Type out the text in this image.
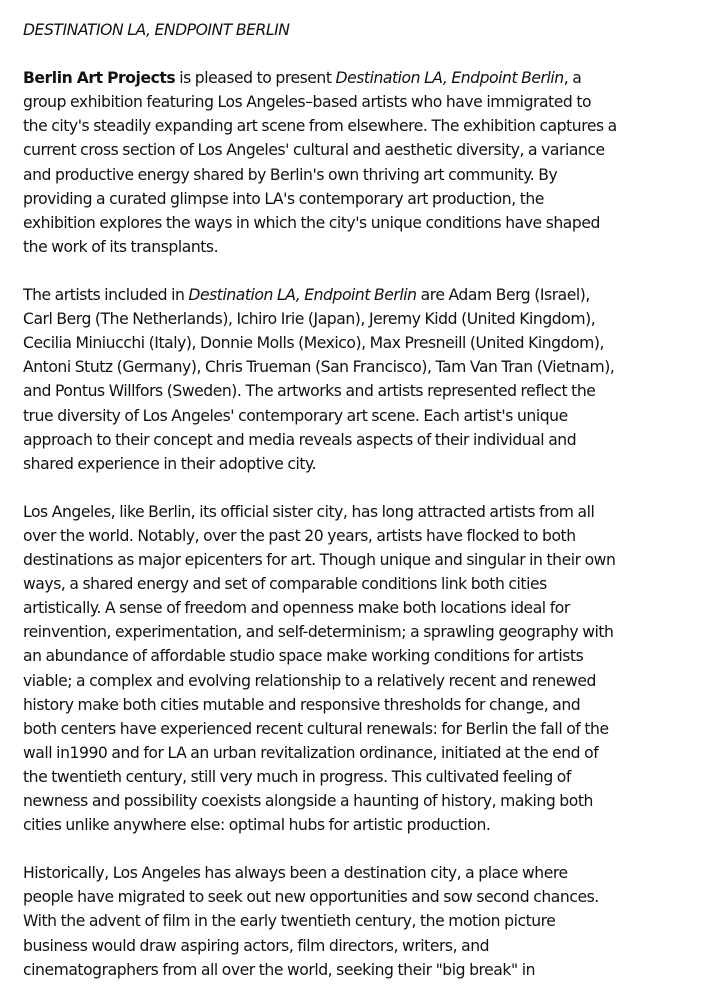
DESTINATION LA, ENDPOINT BERLIN

Berlin Art Projects is pleased to present Destination LA, Endpoint Berlin, a
group exhibition featuring Los Angeles–based artists who have immigrated to
the city's steadily expanding art scene from elsewhere. The exhibition captures a
current cross section of Los Angeles' cultural and aesthetic diversity, a variance
and productive energy shared by Berlin's own thriving art community. By
providing a curated glimpse into LA's contemporary art production, the
exhibition explores the ways in which the city's unique conditions have shaped
the work of its transplants.

The artists included in Destination LA, Endpoint Berlin are Adam Berg (Israel),
Carl Berg (The Netherlands), Ichiro Irie (Japan), Jeremy Kidd (United Kingdom),
Cecilia Miniucchi (Italy), Donnie Molls (Mexico), Max Presneill (United Kingdom),
Antoni Stutz (Germany), Chris Trueman (San Francisco), Tam Van Tran (Vietnam),
and Pontus Willfors (Sweden). The artworks and artists represented reflect the
true diversity of Los Angeles' contemporary art scene. Each artist's unique
approach to their concept and media reveals aspects of their individual and
shared experience in their adoptive city.

Los Angeles, like Berlin, its official sister city, has long attracted artists from all
over the world. Notably, over the past 20 years, artists have flocked to both
destinations as major epicenters for art. Though unique and singular in their own
ways, a shared energy and set of comparable conditions link both cities
artistically. A sense of freedom and openness make both locations ideal for
reinvention, experimentation, and self-determinism; a sprawling geography with
an abundance of affordable studio space make working conditions for artists
viable; a complex and evolving relationship to a relatively recent and renewed
history make both cities mutable and responsive thresholds for change, and
both centers have experienced recent cultural renewals: for Berlin the fall of the
wall in1990 and for LA an urban revitalization ordinance, initiated at the end of
the twentieth century, still very much in progress. This cultivated feeling of
newness and possibility coexists alongside a haunting of history, making both
cities unlike anywhere else: optimal hubs for artistic production.

Historically, Los Angeles has always been a destination city, a place where
people have migrated to seek out new opportunities and sow second chances.
With the advent of film in the early twentieth century, the motion picture
business would draw aspiring actors, film directors, writers, and
cinematographers from all over the world, seeking their "big break" in
